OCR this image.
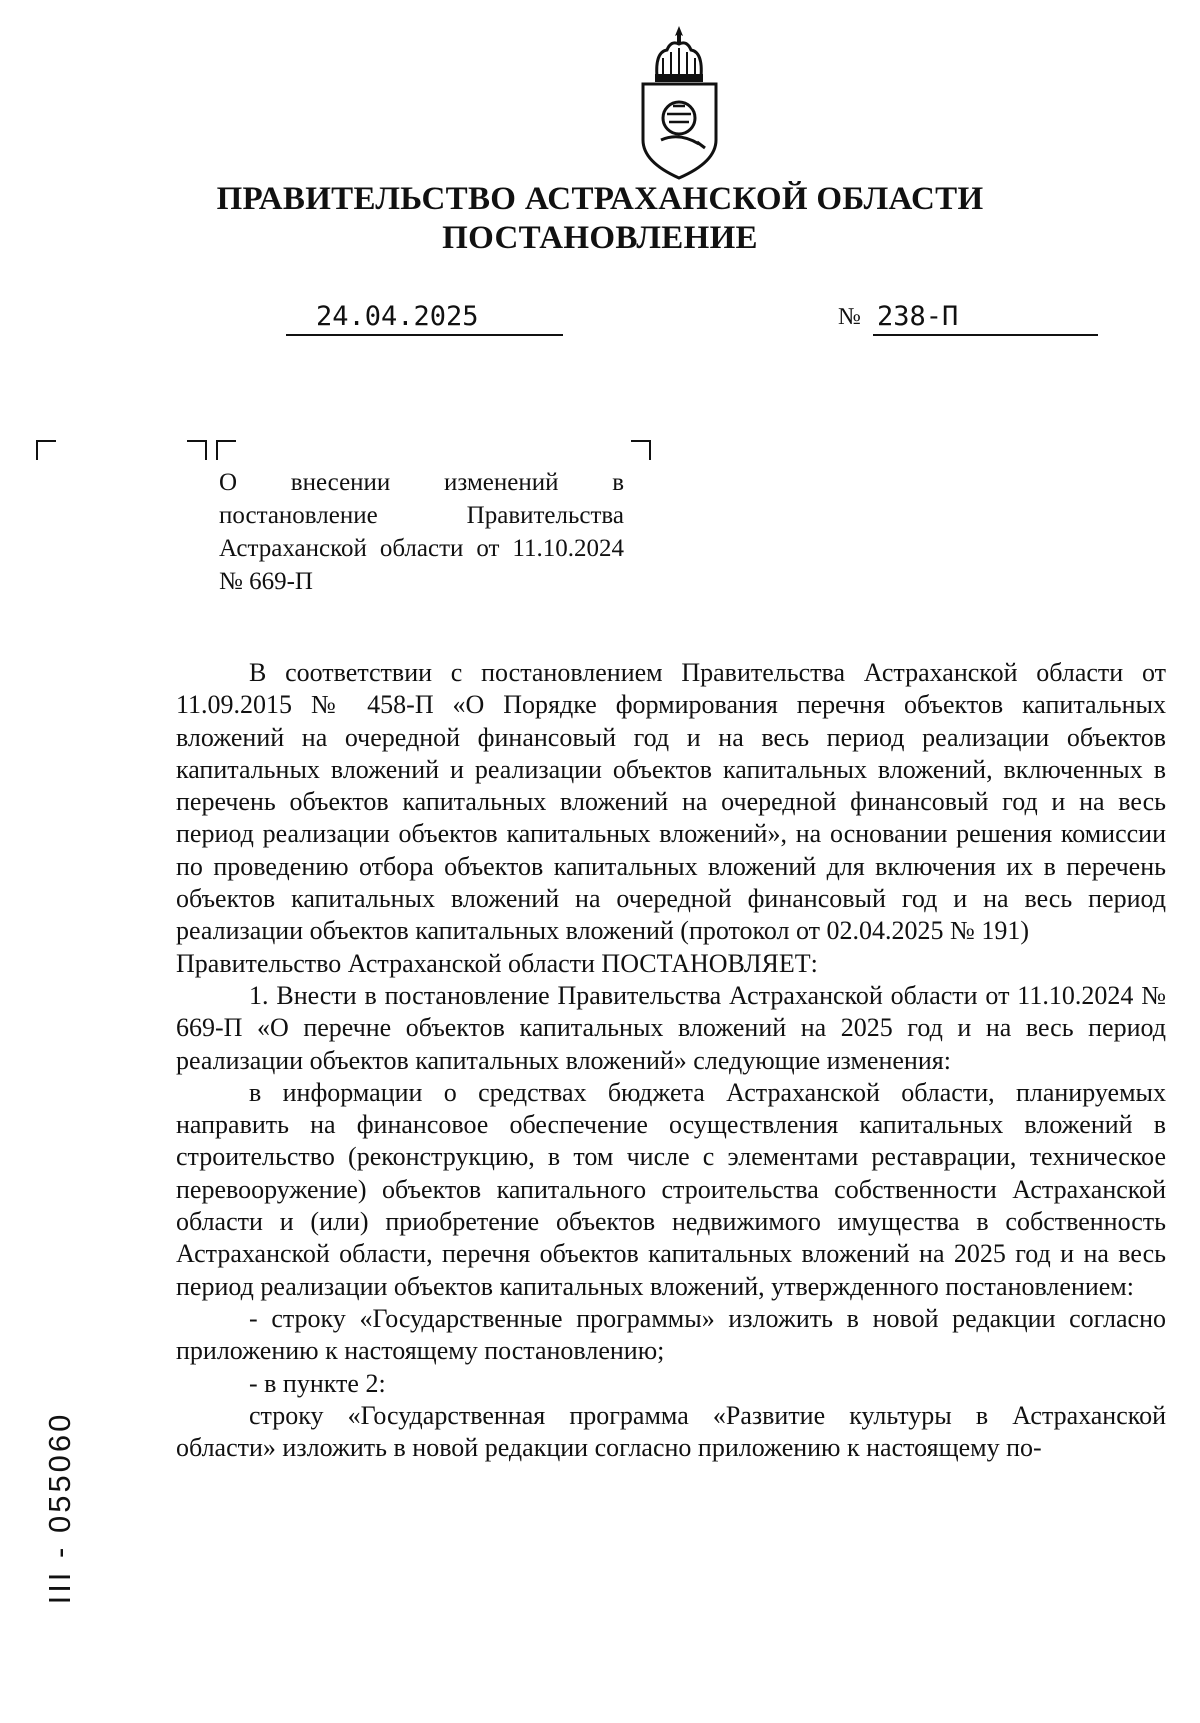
ПРАВИТЕЛЬСТВО АСТРАХАНСКОЙ ОБЛАСТИ
ПОСТАНОВЛЕНИЕ
24.04.2025	№ 238-П
О внесении изменений в постановление Правительства Астраханской области от 11.10.2024 № 669-П

В соответствии с постановлением Правительства Астраханской области от 11.09.2015 № 458-П «О Порядке формирования перечня объектов капитальных вложений на очередной финансовый год и на весь период реализации объектов капитальных вложений и реализации объектов капитальных вложений, включенных в перечень объектов капитальных вложений на очередной финансовый год и на весь период реализации объектов капитальных вложений», на основании решения комиссии по проведению отбора объектов капитальных вложений для включения их в перечень объектов капитальных вложений на очередной финансовый год и на весь период реализации объектов капитальных вложений (протокол от 02.04.2025 № 191)

Правительство Астраханской области ПОСТАНОВЛЯЕТ:

1. Внести в постановление Правительства Астраханской области от 11.10.2024 № 669-П «О перечне объектов капитальных вложений на 2025 год и на весь период реализации объектов капитальных вложений» следующие изменения:

в информации о средствах бюджета Астраханской области, планируемых направить на финансовое обеспечение осуществления капитальных вложений в строительство (реконструкцию, в том числе с элементами реставрации, техническое перевооружение) объектов капитального строительства собственности Астраханской области и (или) приобретение объектов недвижимого имущества в собственность Астраханской области, перечня объектов капитальных вложений на 2025 год и на весь период реализации объектов капитальных вложений, утвержденного постановлением:

- строку «Государственные программы» изложить в новой редакции согласно приложению к настоящему постановлению;

- в пункте 2:

строку «Государственная программа «Развитие культуры в Астраханской области» изложить в новой редакции согласно приложению к настоящему по-

III - 055060
